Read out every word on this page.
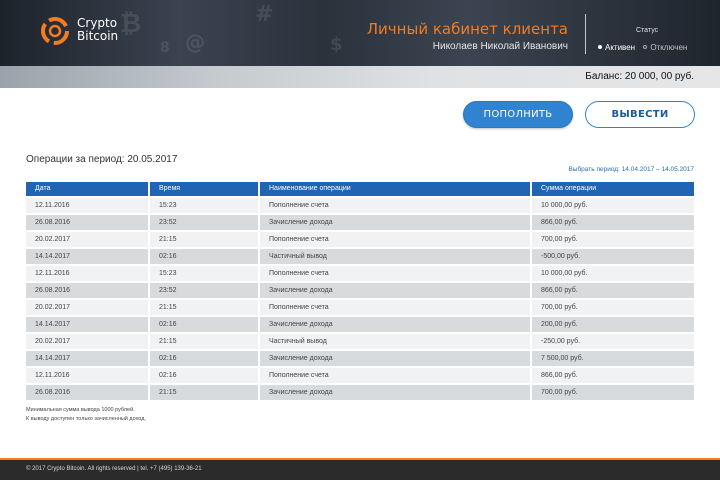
₿
@
#
$
8
Crypto
Bitcoin	Личный кабинет клиента
Николаев Николай Иванович
Статус
Активен
Отключен
Баланс: 20 000, 00 руб.
ПОПОЛНИТЬ	ВЫВЕСТИ
Операции за период: 20.05.2017
Выбрать период: 14.04.2017 – 14.05.2017
Дата	Время	Наименование операции	Сумма операции
12.11.2016	15:23	Пополнение счета	10 000,00 руб.
26.08.2016	23:52	Зачисление дохода	866,00 руб.
20.02.2017	21:15	Пополнение счета	700,00 руб.
14.14.2017	02:16	Частичный вывод	-500,00 руб.
12.11.2016	15:23	Пополнение счета	10 000,00 руб.
26.08.2016	23:52	Зачисление дохода	866,00 руб.
20.02.2017	21:15	Пополнение счета	700,00 руб.
14.14.2017	02:16	Зачисление дохода	200,00 руб.
20.02.2017	21:15	Частичный вывод	-250,00 руб.
14.14.2017	02:16	Зачисление дохода	7 500,00 руб.
12.11.2016	02:16	Пополнение счета	866,00 руб.
26.08.2016	21:15	Зачисление дохода	700,00 руб.
Минимальная сумма вывода 1000 рублей.
К выводу доступен только зачисленный доход.
© 2017 Crypto Bitcoin. All rights reserved | tel. +7 (495) 139-36-21
